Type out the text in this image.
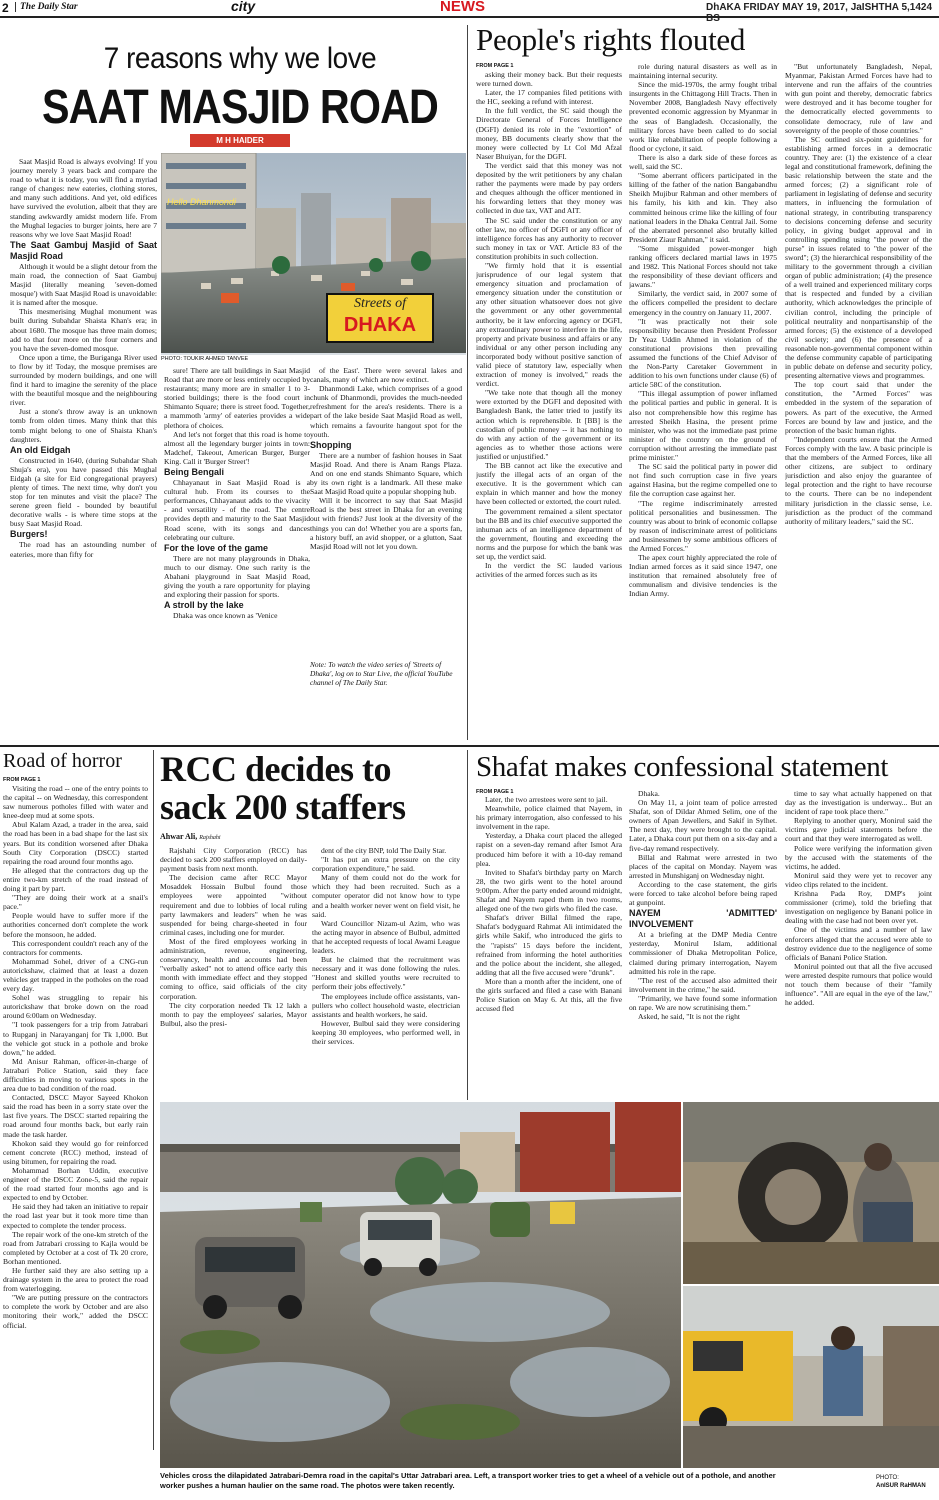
2	The Daily Star	city	NEWS	DhAKA FRIDAY MAY 19, 2017, JaISHTHA 5,1424 BS
7 reasons why we love
SAAT MASJID ROAD
M H HAIDER
Hello Dhanmondi
Streets of
DHAKA
PHOTO: TOUKIR AHMED TANVEE

Saat Masjid Road is always evolving! If you journey merely 3 years back and compare the road to what it is today, you will find a myriad range of changes: new eateries, clothing stores, and many such additions. And yet, old edifices have survived the evolution, albeit that they are standing awkwardly amidst modern life. From the Mughal legacies to burger joints, here are 7 reasons why we love Saat Masjid Road!

The Saat Gambuj Masjid of Saat Masjid Road

Although it would be a slight detour from the main road, the connection of Saat Gambuj Masjid (literally meaning 'seven-domed mosque') with Saat Masjid Road is unavoidable: it is named after the mosque.

This mesmerising Mughal monument was built during Subahdar Shaista Khan's era; in about 1680. The mosque has three main domes; add to that four more on the four corners and you have the seven-domed mosque.

Once upon a time, the Buriganga River used to flow by it! Today, the mosque premises are surrounded by modern buildings, and one will find it hard to imagine the serenity of the place with the beautiful mosque and the neighbouring river.

Just a stone's throw away is an unknown tomb from olden times. Many think that this tomb might belong to one of Shaista Khan's daughters.

An old Eidgah

Constructed in 1640, (during Subahdar Shah Shuja's era), you have passed this Mughal Eidgah (a site for Eid congregational prayers) plenty of times. The next time, why don't you stop for ten minutes and visit the place? The serene green field - bounded by beautiful decorative walls - is where time stops at the busy Saat Masjid Road.

Burgers!

The road has an astounding number of eateries, more than fifty for

sure! There are tall buildings in Saat Masjid Road that are more or less entirely occupied by restaurants; many more are in smaller 1 to 3-storied buildings; there is the food court in Shimanto Square; there is street food. Together, a mammoth 'army' of eateries provides a wide plethora of choices.

And let's not forget that this road is home to almost all the legendary burger joints in town: Madchef, Takeout, American Burger, Burger King. Call it 'Burger Street'!

Being Bengali

Chhayanaut in Saat Masjid Road is a cultural hub. From its courses to the performances, Chhayanaut adds to the vivacity - and versatility - of the road. The centre provides depth and maturity to the Saat Masjid Road scene, with its songs and dances celebrating our culture.

For the love of the game

There are not many playgrounds in Dhaka, much to our dismay. One such rarity is the Abahani playground in Saat Masjid Road, giving the youth a rare opportunity for playing and exploring their passion for sports.

A stroll by the lake

Dhaka was once known as 'Venice

of the East'. There were several lakes and canals, many of which are now extinct.

Dhanmondi Lake, which comprises of a good chunk of Dhanmondi, provides the much-needed refreshment for the area's residents. There is a part of the lake beside Saat Masjid Road as well, which remains a favourite hangout spot for the youth.

Shopping

There are a number of fashion houses in Saat Masjid Road. And there is Anam Rangs Plaza. And on one end stands Shimanto Square, which by its own right is a landmark. All these make Saat Masjid Road quite a popular shopping hub.

Will it be incorrect to say that Saat Masjid Road is the best street in Dhaka for an evening out with friends? Just look at the diversity of the things you can do! Whether you are a sports fan, a history buff, an avid shopper, or a glutton, Saat Masjid Road will not let you down.

Note: To watch the video series of 'Streets of Dhaka', log on to Star Live, the official YouTube channel of The Daily Star.
People's rights flouted
FROM PAGE 1

asking their money back. But their requests were turned down.

Later, the 17 companies filed petitions with the HC, seeking a refund with interest.

In the full verdict, the SC said though the Directorate General of Forces Intelligence (DGFI) denied its role in the "extortion" of money, BB documents clearly show that the money were collected by Lt Col Md Afzal Naser Bhuiyan, for the DGFI.

The verdict said that this money was not deposited by the writ petitioners by any chalan rather the payments were made by pay orders and cheques although the officer mentioned in his forwarding letters that they money was collected in due tax, VAT and AIT.

The SC said under the constitution or any other law, no officer of DGFI or any officer of intelligence forces has any authority to recover such money in tax or VAT. Article 83 of the constitution prohibits in such collection.

"We firmly hold that it is essential jurisprudence of our legal system that emergency situation and proclamation of emergency situation under the constitution or any other situation whatsoever does not give the government or any other governmental authority, be it law enforcing agency or DGFI, any extraordinary power to interfere in the life, property and private business and affairs or any individual or any other person including any incorporated body without positive sanction of valid piece of statutory law, especially when extraction of money is involved," reads the verdict.

"We take note that though all the money were extorted by the DGFI and deposited with Bangladesh Bank, the latter tried to justify its action which is reprehensible. It [BB] is the custodian of public money -- it has nothing to do with any action of the government or its agencies as to whether those actions were justified or unjustified."

The BB cannot act like the executive and justify the illegal acts of an organ of the executive. It is the government which can explain in which manner and how the money have been collected or extorted, the court ruled.

The government remained a silent spectator but the BB and its chief executive supported the inhuman acts of an intelligence department of the government, flouting and exceeding the norms and the purpose for which the bank was set up, the verdict said.

In the verdict the SC lauded various activities of the armed forces such as its

role during natural disasters as well as in maintaining internal security.

Since the mid-1970s, the army fought tribal insurgents in the Chittagong Hill Tracts. Then in November 2008, Bangladesh Navy effectively prevented economic aggression by Myanmar in the seas of Bangladesh. Occasionally, the military forces have been called to do social work like rehabilitation of people following a flood or cyclone, it said.

There is also a dark side of these forces as well, said the SC.

"Some aberrant officers participated in the killing of the father of the nation Bangabandhu Sheikh Mujibur Rahman and other members of his family, his kith and kin. They also committed heinous crime like the killing of four national leaders in the Dhaka Central Jail. Some of the aberrated personnel also brutally killed President Ziaur Rahman," it said.

"Some misguided power-monger high ranking officers declared martial laws in 1975 and 1982. This National Forces should not take the responsibility of these deviant officers and jawans."

Similarly, the verdict said, in 2007 some of the officers compelled the president to declare emergency in the country on January 11, 2007.

"It was practically not their sole responsibility because then President Professor Dr Yeaz Uddin Ahmed in violation of the constitutional provisions then prevailing assumed the functions of the Chief Advisor of the Non-Party Caretaker Government in addition to his own functions under clause (6) of article 58C of the constitution.

"This illegal assumption of power inflamed the political parties and public in general. It is also not comprehensible how this regime has arrested Sheikh Hasina, the present prime minister, who was not the immediate past prime minister of the country on the ground of corruption without arresting the immediate past prime minister."

The SC said the political party in power did not find such corruption case in five years against Hasina, but the regime compelled one to file the corruption case against her.

"The regime indiscriminately arrested political personalities and businessmen. The country was about to brink of economic collapse by reason of indiscriminate arrest of politicians and businessmen by some ambitious officers of the Armed Forces."

The apex court highly appreciated the role of Indian armed forces as it said since 1947, one institution that remained absolutely free of communalism and divisive tendencies is the Indian Army.

"But unfortunately Bangladesh, Nepal, Myanmar, Pakistan Armed Forces have had to intervene and run the affairs of the countries with gun point and thereby, democratic fabrics were destroyed and it has become tougher for the democratically elected governments to consolidate democracy, rule of law and sovereignty of the people of those countries."

The SC outlined six-point guidelines for establishing armed forces in a democratic country. They are: (1) the existence of a clear legal and constitutional framework, defining the basic relationship between the state and the armed forces; (2) a significant role of parliament in legislating of defense and security matters, in influencing the formulation of national strategy, in contributing transparency to decisions concerning defense and security policy, in giving budget approval and in controlling spending using "the power of the purse" in issues related to "the power of the sword"; (3) the hierarchical responsibility of the military to the government through a civilian organ of public administration; (4) the presence of a well trained and experienced military corps that is respected and funded by a civilian authority, which acknowledges the principle of civilian control, including the principle of political neutrality and nonpartisanship of the armed forces; (5) the existence of a developed civil society; and (6) the presence of a reasonable non-governmental component within the defense community capable of participating in public debate on defense and security policy, presenting alternative views and programmes.

The top court said that under the constitution, the "Armed Forces" was embedded in the system of the separation of powers. As part of the executive, the Armed Forces are bound by law and justice, and the protection of the basic human rights.

"Independent courts ensure that the Armed Forces comply with the law. A basic principle is that the members of the Armed Forces, like all other citizens, are subject to ordinary jurisdiction and also enjoy the guarantee of legal protection and the right to have recourse to the courts. There can be no independent military jurisdiction in the classic sense, i.e. jurisdiction as the product of the command authority of military leaders," said the SC.

Road of horror
FROM PAGE 1

Visiting the road -- one of the entry points to the capital -- on Wednesday, this correspondent saw numerous potholes filled with water and knee-deep mud at some spots.

Abul Kalam Azad, a trader in the area, said the road has been in a bad shape for the last six years. But its condition worsened after Dhaka South City Corporation (DSCC) started repairing the road around four months ago.

He alleged that the contractors dug up the entire two-km stretch of the road instead of doing it part by part.

"They are doing their work at a snail's pace."

People would have to suffer more if the authorities concerned don't complete the work before the monsoon, he added.

This correspondent couldn't reach any of the contractors for comments.

Mohammad Sohel, driver of a CNG-run autorickshaw, claimed that at least a dozen vehicles get trapped in the potholes on the road every day.

Sohel was struggling to repair his autorickshaw that broke down on the road around 6:00am on Wednesday.

"I took passengers for a trip from Jatrabari to Rupganj in Narayanganj for Tk 1,000. But the vehicle got stuck in a pothole and broke down," he added.

Md Anisur Rahman, officer-in-charge of Jatrabari Police Station, said they face difficulties in moving to various spots in the area due to bad condition of the road.

Contacted, DSCC Mayor Sayeed Khokon said the road has been in a sorry state over the last five years. The DSCC started repairing the road around four months back, but early rain made the task harder.

Khokon said they would go for reinforced cement concrete (RCC) method, instead of using bitumen, for repairing the road.

Mohammad Borhan Uddin, executive engineer of the DSCC Zone-5, said the repair of the road started four months ago and is expected to end by October.

He said they had taken an initiative to repair the road last year but it took more time than expected to complete the tender process.

The repair work of the one-km stretch of the road from Jatrabari crossing to Kajla would be completed by October at a cost of Tk 20 crore, Borhan mentioned.

He further said they are also setting up a drainage system in the area to protect the road from waterlogging.

"We are putting pressure on the contractors to complete the work by October and are also monitoring their work," added the DSCC official.

RCC decides to
sack 200 staffers
Ahwar Ali, Rajshahi

Rajshahi City Corporation (RCC) has decided to sack 200 staffers employed on daily-payment basis from next month.

The decision came after RCC Mayor Mosaddek Hossain Bulbul found those employees were appointed "without requirement and due to lobbies of local ruling party lawmakers and leaders" when he was suspended for being charge-sheeted in four criminal cases, including one for murder.

Most of the fired employees working in administration, revenue, engineering, conservancy, health and accounts had been "verbally asked" not to attend office early this month with immediate effect and they stopped coming to office, said officials of the city corporation.

The city corporation needed Tk 12 lakh a month to pay the employees' salaries, Mayor Bulbul, also the presi-

dent of the city BNP, told The Daily Star.

"It has put an extra pressure on the city corporation expenditure," he said.

Many of them could not do the work for which they had been recruited. Such as a computer operator did not know how to type and a health worker never went on field visit, he said.

Ward Councillor Nizam-ul Azim, who was the acting mayor in absence of Bulbul, admitted that he accepted requests of local Awami League leaders.

But he claimed that the recruitment was necessary and it was done following the rules. "Honest and skilled youths were recruited to perform their jobs effectively."

The employees include office assistants, van-pullers who collect household waste, electrician assistants and health workers, he said.

However, Bulbul said they were considering keeping 30 employees, who performed well, in their services.

Shafat makes confessional statement
FROM PAGE 1

Later, the two arrestees were sent to jail.

Meanwhile, police claimed that Nayem, in his primary interrogation, also confessed to his involvement in the rape.

Yesterday, a Dhaka court placed the alleged rapist on a seven-day remand after Ismot Ara produced him before it with a 10-day remand plea.

Invited to Shafat's birthday party on March 28, the two girls went to the hotel around 9:00pm. After the party ended around midnight, Shafat and Nayem raped them in two rooms, alleged one of the two girls who filed the case.

Shafat's driver Billal filmed the rape, Shafat's bodyguard Rahmat Ali intimidated the girls while Sakif, who introduced the girls to the "rapists" 15 days before the incident, refrained from informing the hotel authorities and the police about the incident, she alleged, adding that all the five accused were "drunk".

More than a month after the incident, one of the girls surfaced and filed a case with Banani Police Station on May 6. At this, all the five accused fled

Dhaka.

On May 11, a joint team of police arrested Shafat, son of Dildar Ahmed Selim, one of the owners of Apan Jewellers, and Sakif in Sylhet. The next day, they were brought to the capital. Later, a Dhaka court put them on a six-day and a five-day remand respectively.

Billal and Rahmat were arrested in two places of the capital on Monday. Nayem was arrested in Munshiganj on Wednesday night.

According to the case statement, the girls were forced to take alcohol before being raped at gunpoint.

NAYEM 'ADMITTED' INVOLVEMENT

At a briefing at the DMP Media Centre yesterday, Monirul Islam, additional commissioner of Dhaka Metropolitan Police, claimed during primary interrogation, Nayem admitted his role in the rape.

"The rest of the accused also admitted their involvement in the crime," he said.

"Primarily, we have found some information on rape. We are now scrutinising them."

Asked, he said, "It is not the right

time to say what actually happened on that day as the investigation is underway... But an incident of rape took place there."

Replying to another query, Monirul said the victims gave judicial statements before the court and that they were interrogated as well.

Police were verifying the information given by the accused with the statements of the victims, he added.

Monirul said they were yet to recover any video clips related to the incident.

Krishna Pada Roy, DMP's joint commissioner (crime), told the briefing that investigation on negligence by Banani police in dealing with the case had not been over yet.

One of the victims and a number of law enforcers alleged that the accused were able to destroy evidence due to the negligence of some officials of Banani Police Station.

Monirul pointed out that all the five accused were arrested despite rumours that police would not touch them because of their "family influence". "All are equal in the eye of the law," he added.

Vehicles cross the dilapidated Jatrabari-Demra road in the capital's Uttar Jatrabari area. Left, a transport worker tries to get a wheel of a vehicle out of a pothole, and another worker pushes a human haulier on the same road. The photos were taken recently.
PHOTO:
AnISUR RaHMAN
